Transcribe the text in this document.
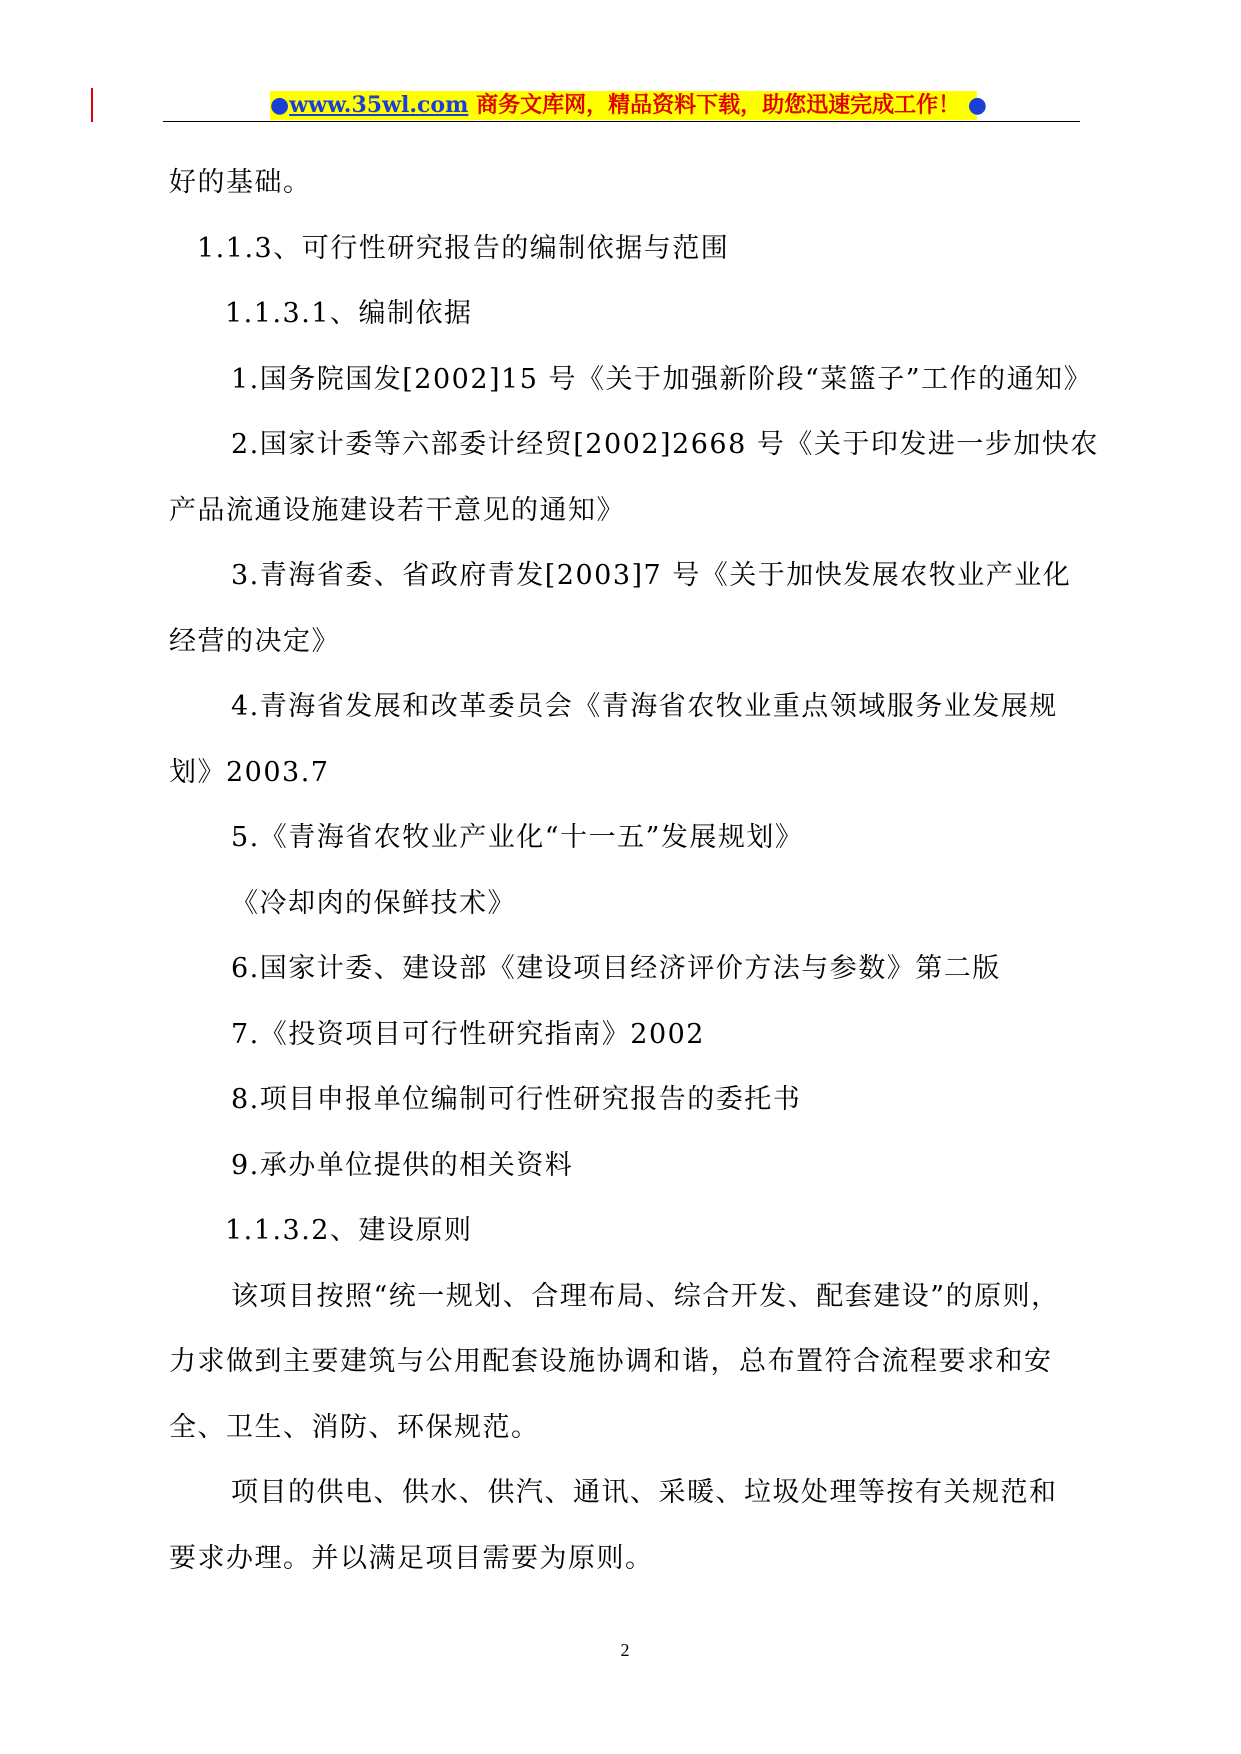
●www.35wl.com 商务文库网，精品资料下载，助您迅速完成工作！ ●
好的基础。
1.1.3、可行性研究报告的编制依据与范围
1.1.3.1、编制依据
1.国务院国发[2002]15 号《关于加强新阶段“菜篮子”工作的通知》
2.国家计委等六部委计经贸[2002]2668 号《关于印发进一步加快农
产品流通设施建设若干意见的通知》
3.青海省委、省政府青发[2003]7 号《关于加快发展农牧业产业化
经营的决定》
4.青海省发展和改革委员会《青海省农牧业重点领域服务业发展规
划》2003.7
5.《青海省农牧业产业化“十一五”发展规划》
《冷却肉的保鲜技术》
6.国家计委、建设部《建设项目经济评价方法与参数》第二版
7.《投资项目可行性研究指南》2002
8.项目申报单位编制可行性研究报告的委托书
9.承办单位提供的相关资料
1.1.3.2、建设原则
该项目按照“统一规划、合理布局、综合开发、配套建设”的原则，
力求做到主要建筑与公用配套设施协调和谐，总布置符合流程要求和安
全、卫生、消防、环保规范。
项目的供电、供水、供汽、通讯、采暖、垃圾处理等按有关规范和
要求办理。并以满足项目需要为原则。
2
